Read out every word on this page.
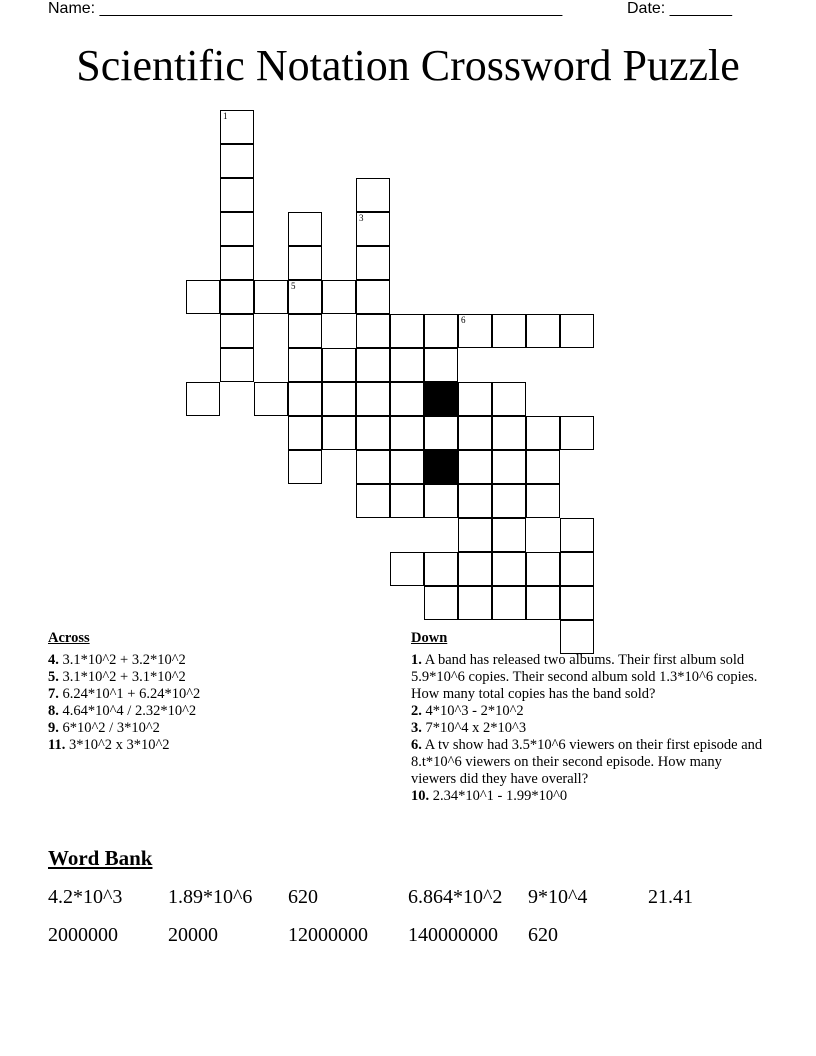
Name: ____________________________________________________	Date: _______
Scientific Notation Crossword Puzzle
1
3
5
6
Across

4. 3.1*10^2 + 3.2*10^2

5. 3.1*10^2 + 3.1*10^2

7. 6.24*10^1 + 6.24*10^2

8. 4.64*10^4 / 2.32*10^2

9. 6*10^2 / 3*10^2

11. 3*10^2 x 3*10^2

Down

1. A band has released two albums. Their first album sold 5.9*10^6 copies. Their second album sold 1.3*10^6 copies. How many total copies has the band sold?

2. 4*10^3 - 2*10^2

3. 7*10^4 x 2*10^3

6. A tv show had 3.5*10^6 viewers on their first episode and 8.t*10^6 viewers on their second episode. How many viewers did they have overall?

10. 2.34*10^1 - 1.99*10^0

Word Bank
4.2*10^3 1.89*10^6 620	6.864*10^2 9*10^4	21.41
2000000	20000	12000000 140000000 620
